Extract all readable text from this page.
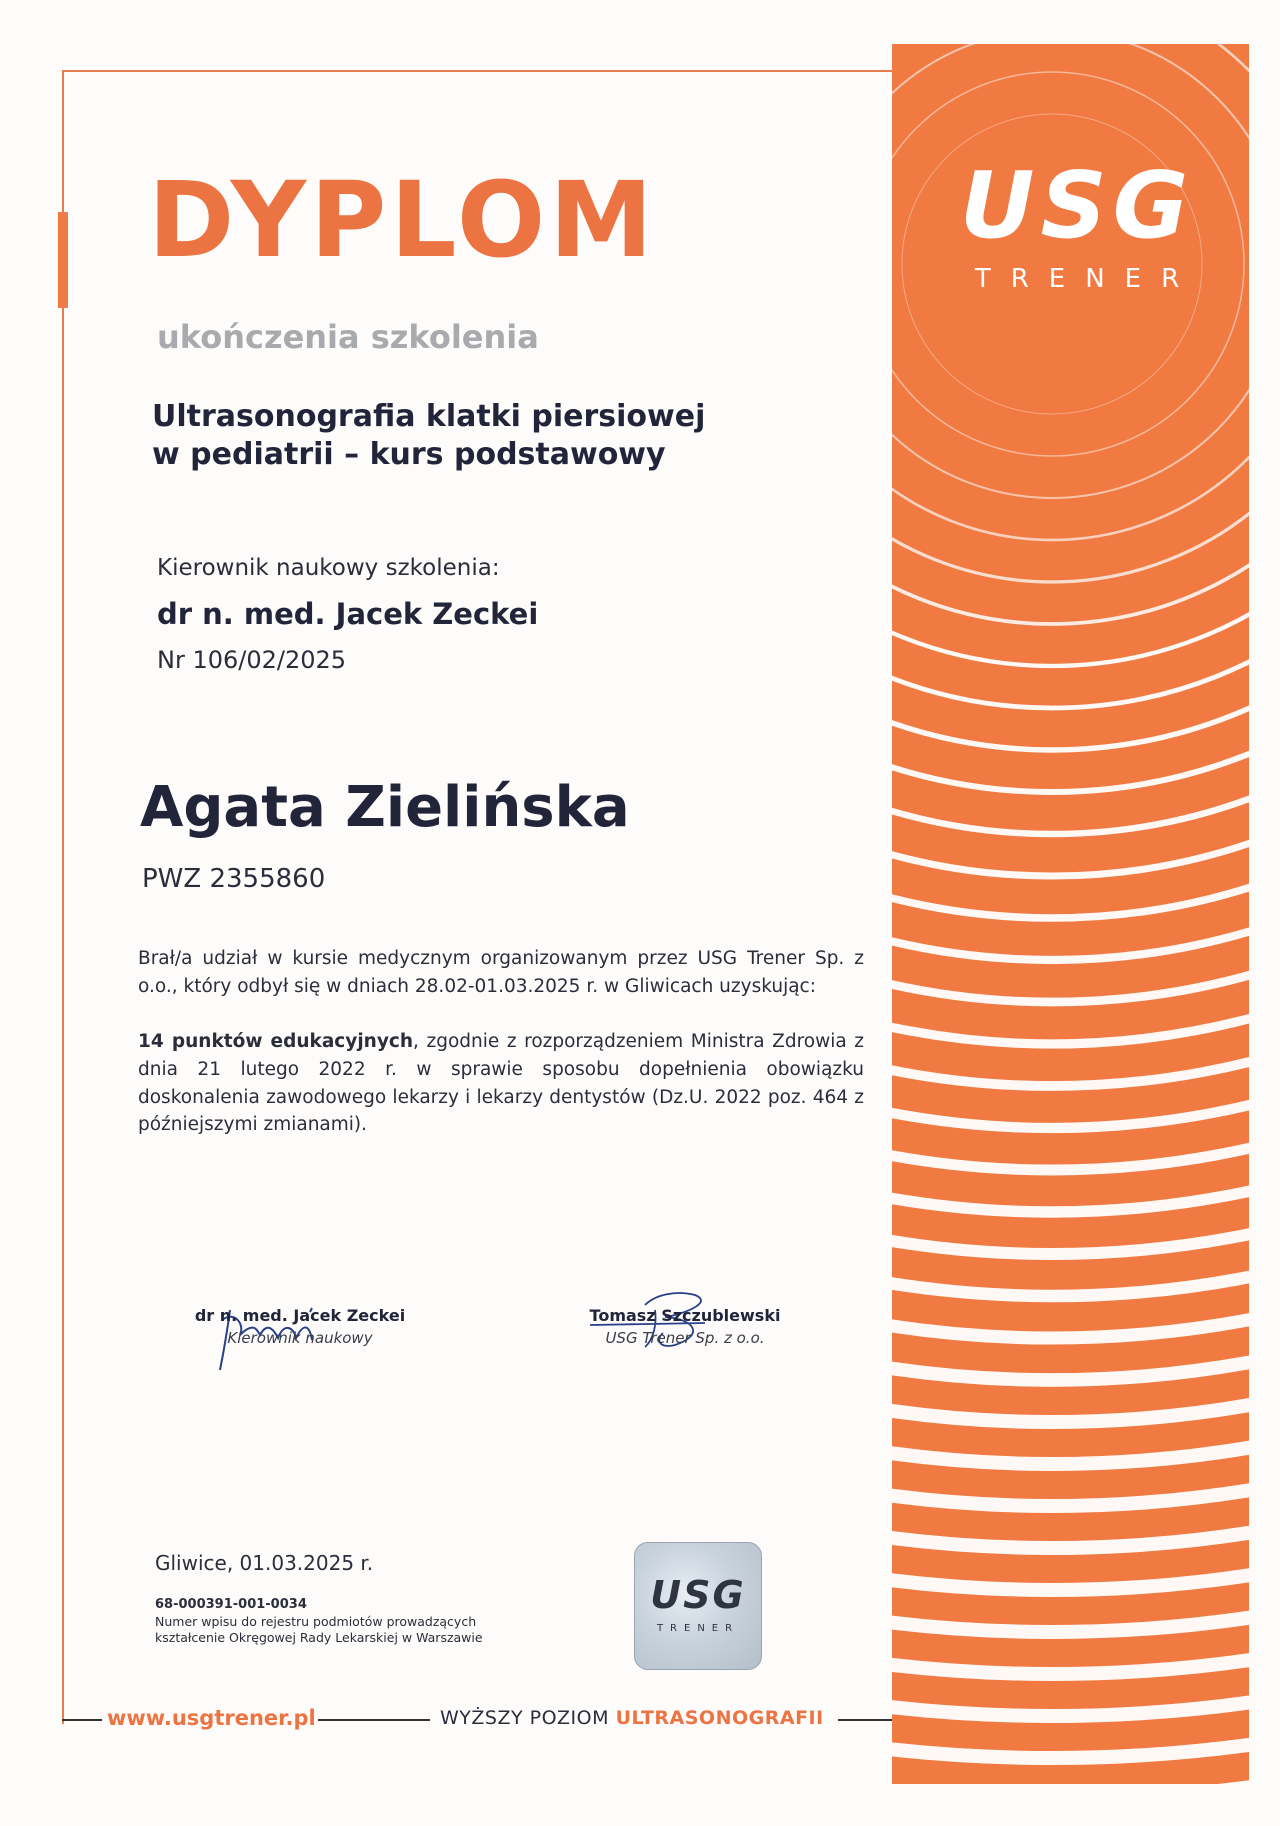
USG
TRENER
DYPLOM
ukończenia szkolenia
Ultrasonografia klatki piersiowej
w pediatrii – kurs podstawowy
Kierownik naukowy szkolenia:
dr n. med. Jacek Zeckei
Nr 106/02/2025
Agata Zielińska
PWZ 2355860
Brał/a udział w kursie medycznym organizowanym przez USG Trener Sp. z o.o., który odbył się w dniach 28.02-01.03.2025 r. w Gliwicach uzyskując:
14 punktów edukacyjnych, zgodnie z rozporządzeniem Ministra Zdrowia z dnia 21 lutego 2022 r. w sprawie sposobu dopełnienia obowiązku doskonalenia zawodowego lekarzy i lekarzy dentystów (Dz.U. 2022 poz. 464 z późniejszymi zmianami).
dr n. med. Jacek Zeckei
Kierownik naukowy
Tomasz Szczublewski
USG Trener Sp. z o.o.
Gliwice, 01.03.2025 r.
68-000391-001-0034
Numer wpisu do rejestru podmiotów prowadzących
kształcenie Okręgowej Rady Lekarskiej w Warszawie
USG
TRENER
www.usgtrener.pl	WYŻSZY POZIOM ULTRASONOGRAFII
